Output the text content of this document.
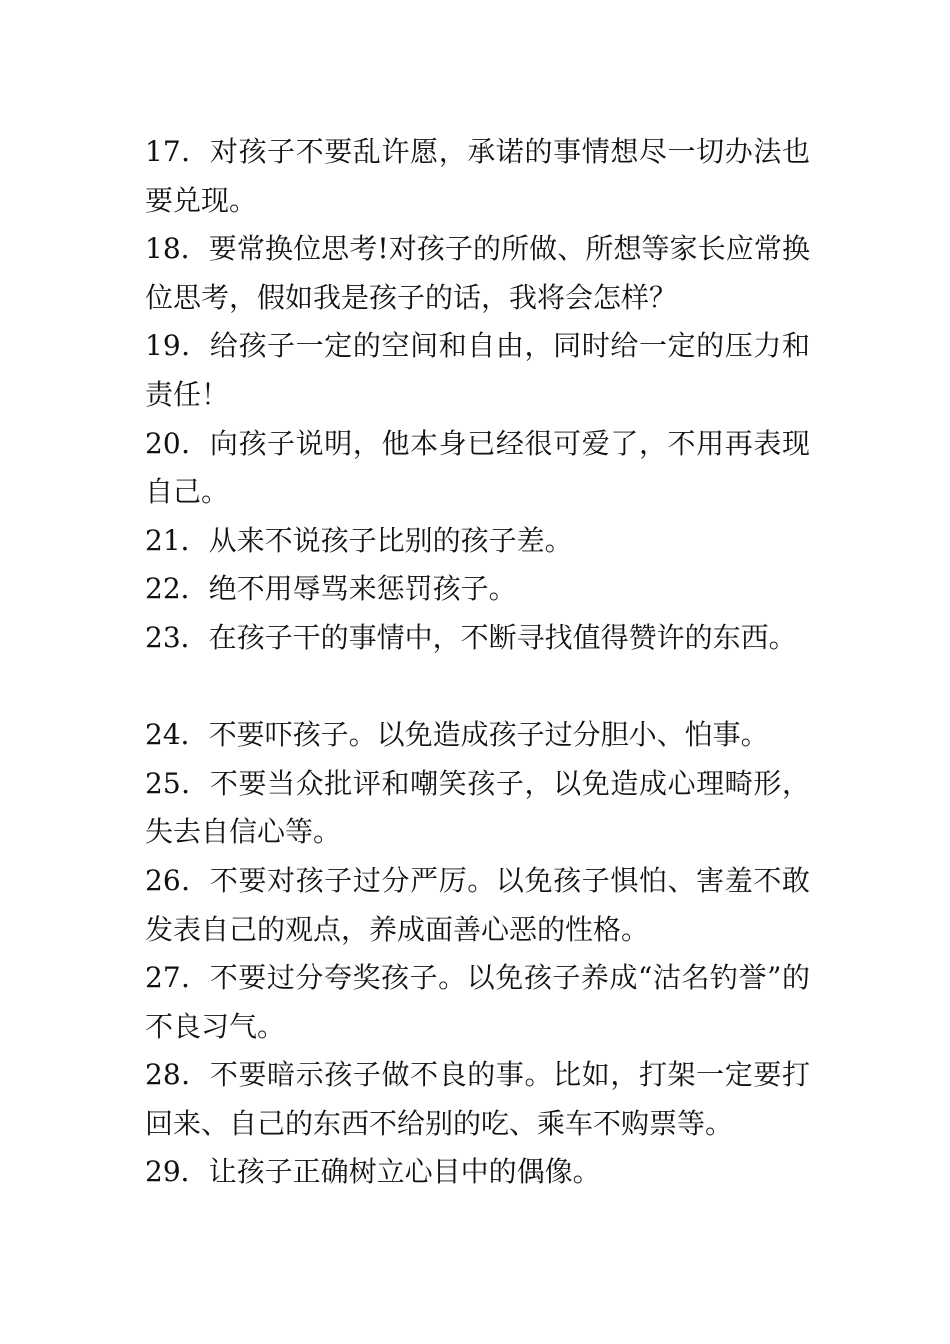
17．对孩子不要乱许愿，承诺的事情想尽一切办法也要兑现。

18．要常换位思考!对孩子的所做、所想等家长应常换位思考，假如我是孩子的话，我将会怎样？

19．给孩子一定的空间和自由，同时给一定的压力和责任！

20．向孩子说明，他本身已经很可爱了，不用再表现自己。

21．从来不说孩子比别的孩子差。

22．绝不用辱骂来惩罚孩子。

23．在孩子干的事情中，不断寻找值得赞许的东西。

24．不要吓孩子。以免造成孩子过分胆小、怕事。

25．不要当众批评和嘲笑孩子，以免造成心理畸形，失去自信心等。

26．不要对孩子过分严厉。以免孩子惧怕、害羞不敢发表自己的观点，养成面善心恶的性格。

27．不要过分夸奖孩子。以免孩子养成“沽名钓誉”的不良习气。

28．不要暗示孩子做不良的事。比如，打架一定要打回来、自己的东西不给别的吃、乘车不购票等。

29．让孩子正确树立心目中的偶像。
